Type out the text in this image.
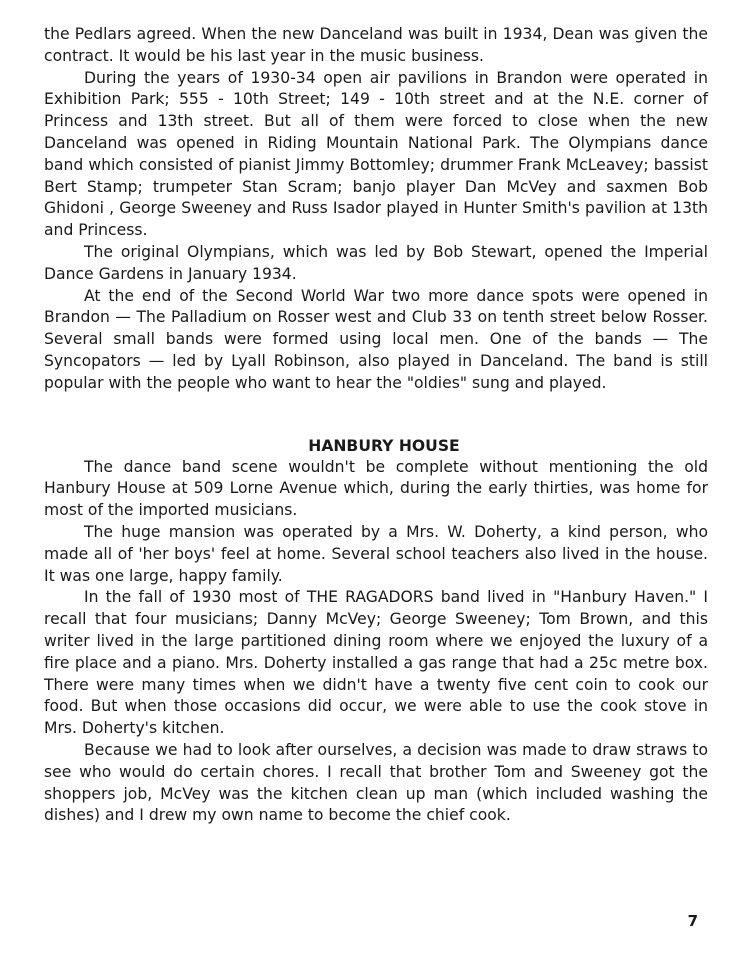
the Pedlars agreed. When the new Danceland was built in 1934, Dean was given the contract. It would be his last year in the music business.

During the years of 1930-34 open air pavilions in Brandon were operated in Exhibition Park; 555 - 10th Street; 149 - 10th street and at the N.E. corner of Princess and 13th street. But all of them were forced to close when the new Danceland was opened in Riding Mountain National Park. The Olympians dance band which consisted of pianist Jimmy Bottomley; drummer Frank McLeavey; bassist Bert Stamp; trumpeter Stan Scram; banjo player Dan McVey and saxmen Bob Ghidoni , George Sweeney and Russ Isador played in Hunter Smith's pavilion at 13th and Princess.

The original Olympians, which was led by Bob Stewart, opened the Imperial Dance Gardens in January 1934.

At the end of the Second World War two more dance spots were opened in Brandon — The Palladium on Rosser west and Club 33 on tenth street below Rosser. Several small bands were formed using local men. One of the bands — The Syncopators — led by Lyall Robinson, also played in Danceland. The band is still popular with the people who want to hear the "oldies" sung and played.

HANBURY HOUSE

The dance band scene wouldn't be complete without mentioning the old Hanbury House at 509 Lorne Avenue which, during the early thirties, was home for most of the imported musicians.

The huge mansion was operated by a Mrs. W. Doherty, a kind person, who made all of 'her boys' feel at home. Several school teachers also lived in the house. It was one large, happy family.

In the fall of 1930 most of THE RAGADORS band lived in "Hanbury Haven." I recall that four musicians; Danny McVey; George Sweeney; Tom Brown, and this writer lived in the large partitioned dining room where we enjoyed the luxury of a fire place and a piano. Mrs. Doherty installed a gas range that had a 25c metre box. There were many times when we didn't have a twenty five cent coin to cook our food. But when those occasions did occur, we were able to use the cook stove in Mrs. Doherty's kitchen.

Because we had to look after ourselves, a decision was made to draw straws to see who would do certain chores. I recall that brother Tom and Sweeney got the shoppers job, McVey was the kitchen clean up man (which included washing the dishes) and I drew my own name to become the chief cook.

7
